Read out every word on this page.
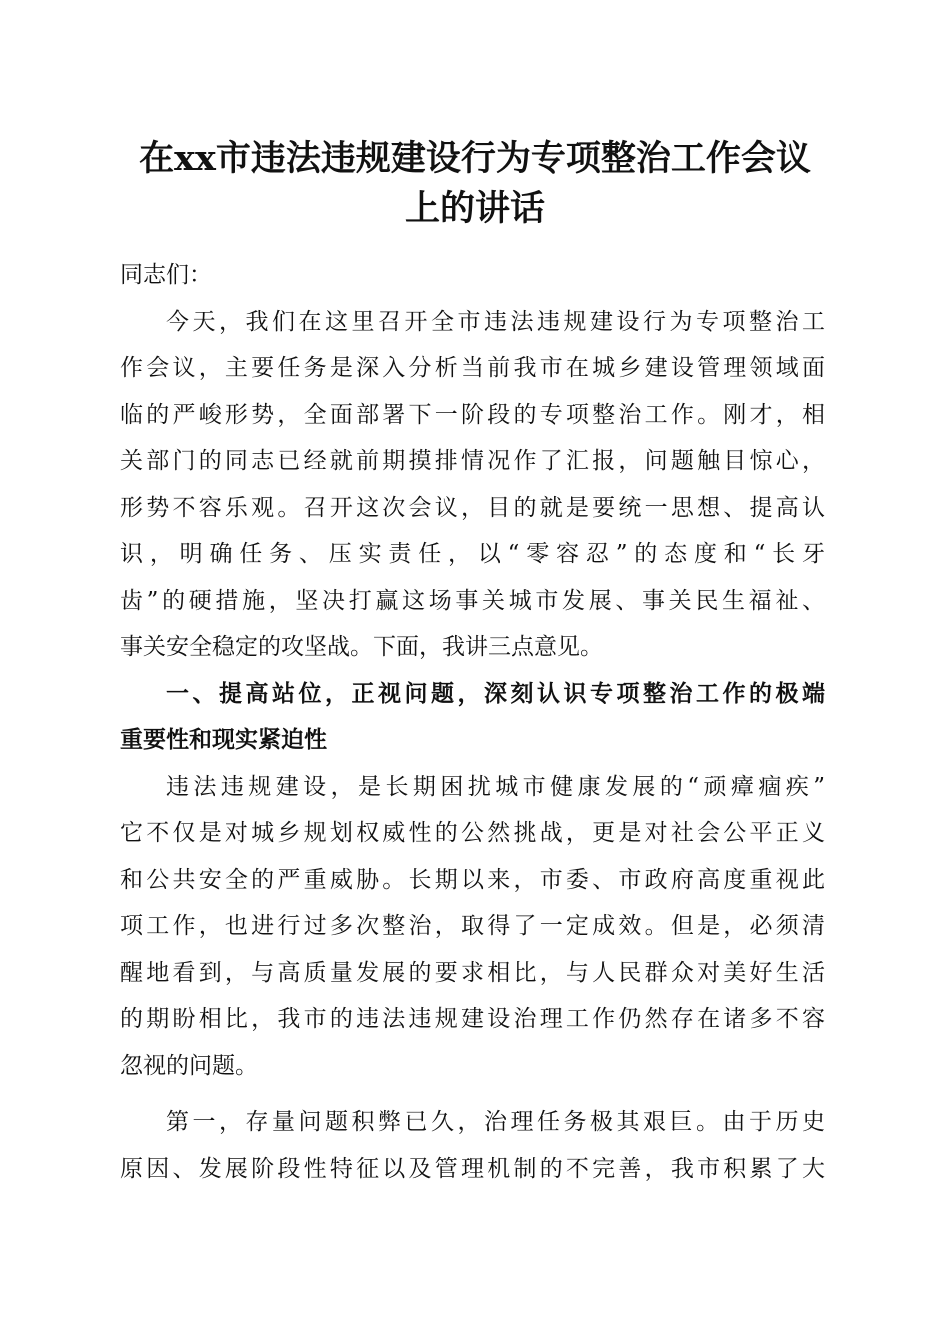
在xx市违法违规建设行为专项整治工作会议
上的讲话

同志们：

今天，我们在这里召开全市违法违规建设行为专项整治工
作会议，主要任务是深入分析当前我市在城乡建设管理领域面
临的严峻形势，全面部署下一阶段的专项整治工作。刚才，相
关部门的同志已经就前期摸排情况作了汇报，问题触目惊心，
形势不容乐观。召开这次会议，目的就是要统一思想、提高认
识，明确任务、压实责任，以“零容忍”的态度和“长牙
齿”的硬措施，坚决打赢这场事关城市发展、事关民生福祉、
事关安全稳定的攻坚战。下面，我讲三点意见。

一、提高站位，正视问题，深刻认识专项整治工作的极端
重要性和现实紧迫性

违法违规建设，是长期困扰城市健康发展的“顽瘴痼疾”
它不仅是对城乡规划权威性的公然挑战，更是对社会公平正义
和公共安全的严重威胁。长期以来，市委、市政府高度重视此
项工作，也进行过多次整治，取得了一定成效。但是，必须清
醒地看到，与高质量发展的要求相比，与人民群众对美好生活
的期盼相比，我市的违法违规建设治理工作仍然存在诸多不容
忽视的问题。

第一，存量问题积弊已久，治理任务极其艰巨。由于历史
原因、发展阶段性特征以及管理机制的不完善，我市积累了大
